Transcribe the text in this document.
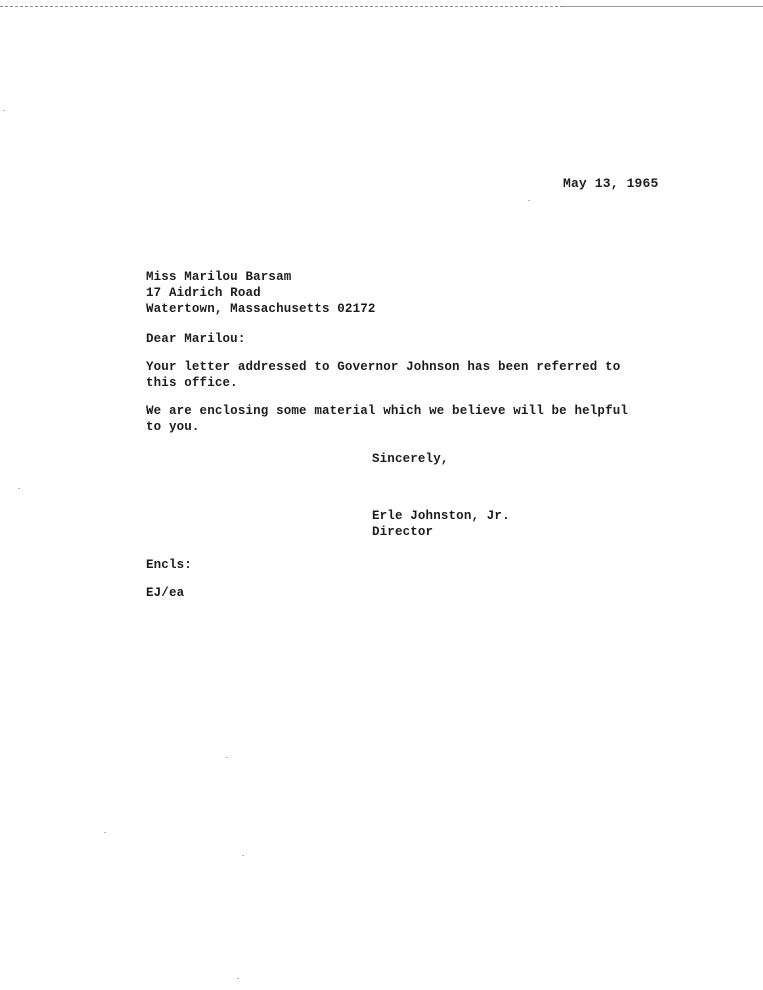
May 13, 1965
Miss Marilou Barsam
17 Aidrich Road
Watertown, Massachusetts 02172
Dear Marilou:
Your letter addressed to Governor Johnson has been referred to
this office.
We are enclosing some material which we believe will be helpful
to you.
Sincerely,
Erle Johnston, Jr.
Director
Encls:
EJ/ea
